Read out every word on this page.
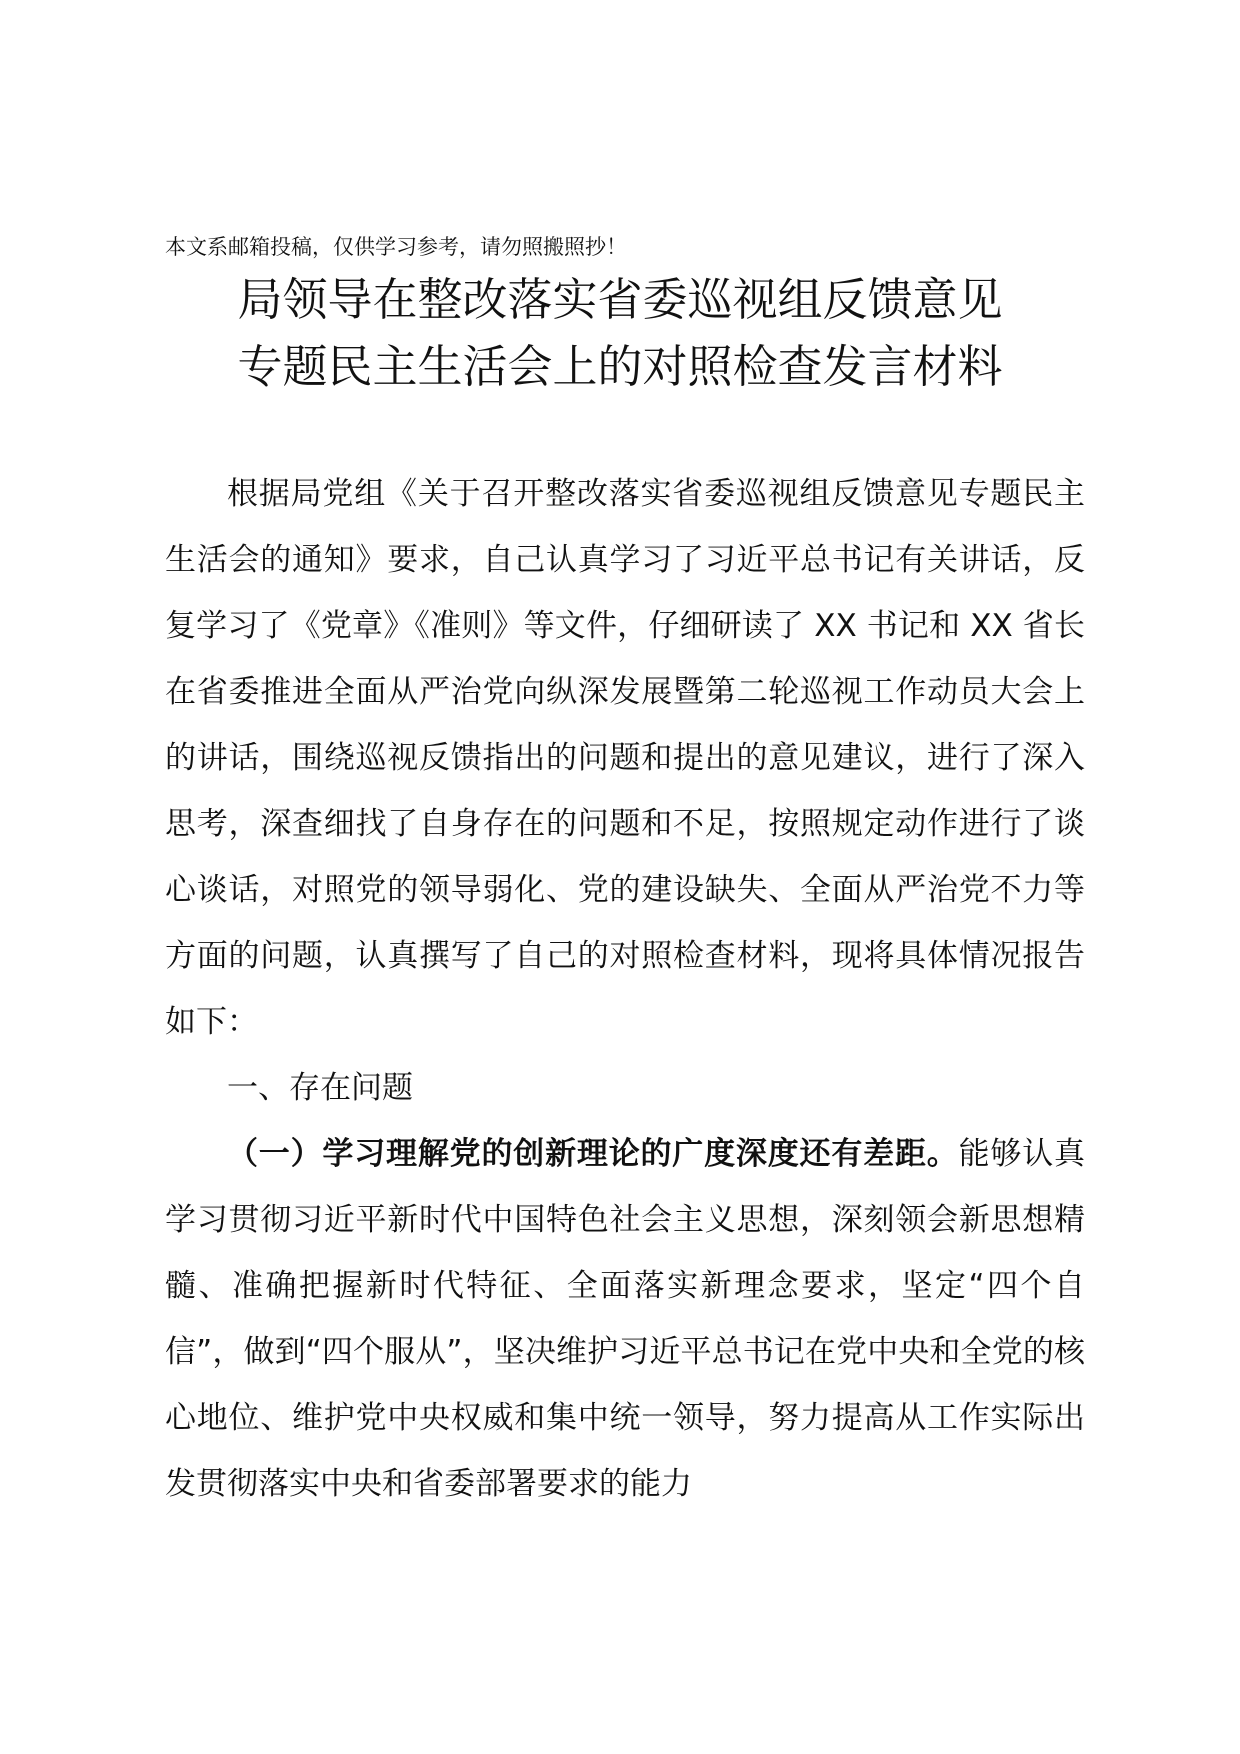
本文系邮箱投稿，仅供学习参考，请勿照搬照抄！
局领导在整改落实省委巡视组反馈意见
专题民主生活会上的对照检查发言材料

根据局党组《关于召开整改落实省委巡视组反馈意见专题民主生活会的通知》要求，自己认真学习了习近平总书记有关讲话，反复学习了《党章》《准则》等文件，仔细研读了 XX 书记和 XX 省长在省委推进全面从严治党向纵深发展暨第二轮巡视工作动员大会上的讲话，围绕巡视反馈指出的问题和提出的意见建议，进行了深入思考，深查细找了自身存在的问题和不足，按照规定动作进行了谈心谈话，对照党的领导弱化、党的建设缺失、全面从严治党不力等方面的问题，认真撰写了自己的对照检查材料，现将具体情况报告如下：

一、存在问题

（一）学习理解党的创新理论的广度深度还有差距。能够认真学习贯彻习近平新时代中国特色社会主义思想，深刻领会新思想精髓、准确把握新时代特征、全面落实新理念要求，坚定“四个自信”，做到“四个服从”，坚决维护习近平总书记在党中央和全党的核心地位、维护党中央权威和集中统一领导，努力提高从工作实际出发贯彻落实中央和省委部署要求的能力
